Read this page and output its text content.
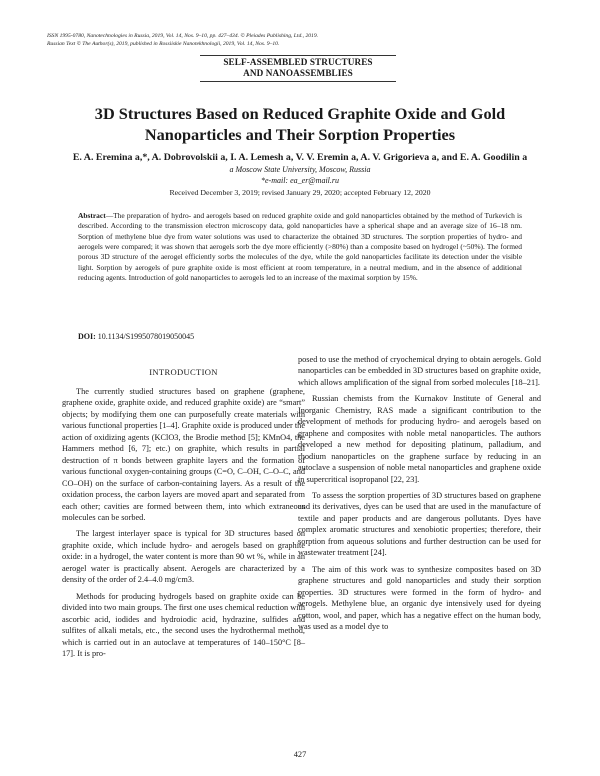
ISSN 1995-0780, Nanotechnologies in Russia, 2019, Vol. 14, Nos. 9–10, pp. 427–434. © Pleiades Publishing, Ltd., 2019.
Russian Text © The Author(s), 2019, published in Rossiiskie Nanotekhnologii, 2019, Vol. 14, Nos. 9–10.
SELF-ASSEMBLED STRUCTURES
AND NANOASSEMBLIES
3D Structures Based on Reduced Graphite Oxide and Gold
Nanoparticles and Their Sorption Properties
E. A. Eremina a,*, A. Dobrovolskii a, I. A. Lemesh a, V. V. Eremin a, A. V. Grigorieva a, and E. A. Goodilin a
a Moscow State University, Moscow, Russia
*e-mail: ea_er@mail.ru
Received December 3, 2019; revised January 29, 2020; accepted February 12, 2020
Abstract—The preparation of hydro- and aerogels based on reduced graphite oxide and gold nanoparticles obtained by the method of Turkevich is described. According to the transmission electron microscopy data, gold nanoparticles have a spherical shape and an average size of 16–18 nm. Sorption of methylene blue dye from water solutions was used to characterize the obtained 3D structures. The sorption properties of hydro- and aerogels were compared; it was shown that aerogels sorb the dye more efficiently (>80%) than a composite based on hydrogel (~50%). The formed porous 3D structure of the aerogel efficiently sorbs the molecules of the dye, while the gold nanoparticles facilitate its detection under the visible light. Sorption by aerogels of pure graphite oxide is most efficient at room temperature, in a neutral medium, and in the absence of additional reducing agents. Introduction of gold nanoparticles to aerogels led to an increase of the maximal sorption by 15%.
DOI: 10.1134/S1995078019050045
INTRODUCTION

The currently studied structures based on graphene (graphene, graphene oxide, graphite oxide, and reduced graphite oxide) are “smart” objects; by modifying them one can purposefully create materials with various functional properties [1–4]. Graphite oxide is produced under the action of oxidizing agents (KClO3, the Brodie method [5]; KMnO4, the Hammers method [6, 7]; etc.) on graphite, which results in partial destruction of π bonds between graphite layers and the formation of various functional oxygen-containing groups (C=O, C–OH, C–O–C, and CO–OH) on the surface of carbon-containing layers. As a result of the oxidation process, the carbon layers are moved apart and separated from each other; cavities are formed between them, into which extraneous molecules can be sorbed.

The largest interlayer space is typical for 3D structures based on graphite oxide, which include hydro- and aerogels based on graphite oxide: in a hydrogel, the water content is more than 90 wt %, while in an aerogel water is practically absent. Aerogels are characterized by a density of the order of 2.4–4.0 mg/cm3.

Methods for producing hydrogels based on graphite oxide can be divided into two main groups. The first one uses chemical reduction with ascorbic acid, iodides and hydroiodic acid, hydrazine, sulfides and sulfites of alkali metals, etc., the second uses the hydrothermal method, which is carried out in an autoclave at temperatures of 140–150°C [8–17]. It is pro-

posed to use the method of cryochemical drying to obtain aerogels. Gold nanoparticles can be embedded in 3D structures based on graphite oxide, which allows amplification of the signal from sorbed molecules [18–21].

Russian chemists from the Kurnakov Institute of General and Inorganic Chemistry, RAS made a significant contribution to the development of methods for producing hydro- and aerogels based on graphene and composites with noble metal nanoparticles. The authors developed a new method for depositing platinum, palladium, and rhodium nanoparticles on the graphene surface by reducing in an autoclave a suspension of noble metal nanoparticles and graphene oxide in supercritical isopropanol [22, 23].

To assess the sorption properties of 3D structures based on graphene and its derivatives, dyes can be used that are used in the manufacture of textile and paper products and are dangerous pollutants. Dyes have complex aromatic structures and xenobiotic properties; therefore, their sorption from aqueous solutions and further destruction can be used for wastewater treatment [24].

The aim of this work was to synthesize composites based on 3D graphene structures and gold nanoparticles and study their sorption properties. 3D structures were formed in the form of hydro- and aerogels. Methylene blue, an organic dye intensively used for dyeing cotton, wool, and paper, which has a negative effect on the human body, was used as a model dye to

427
